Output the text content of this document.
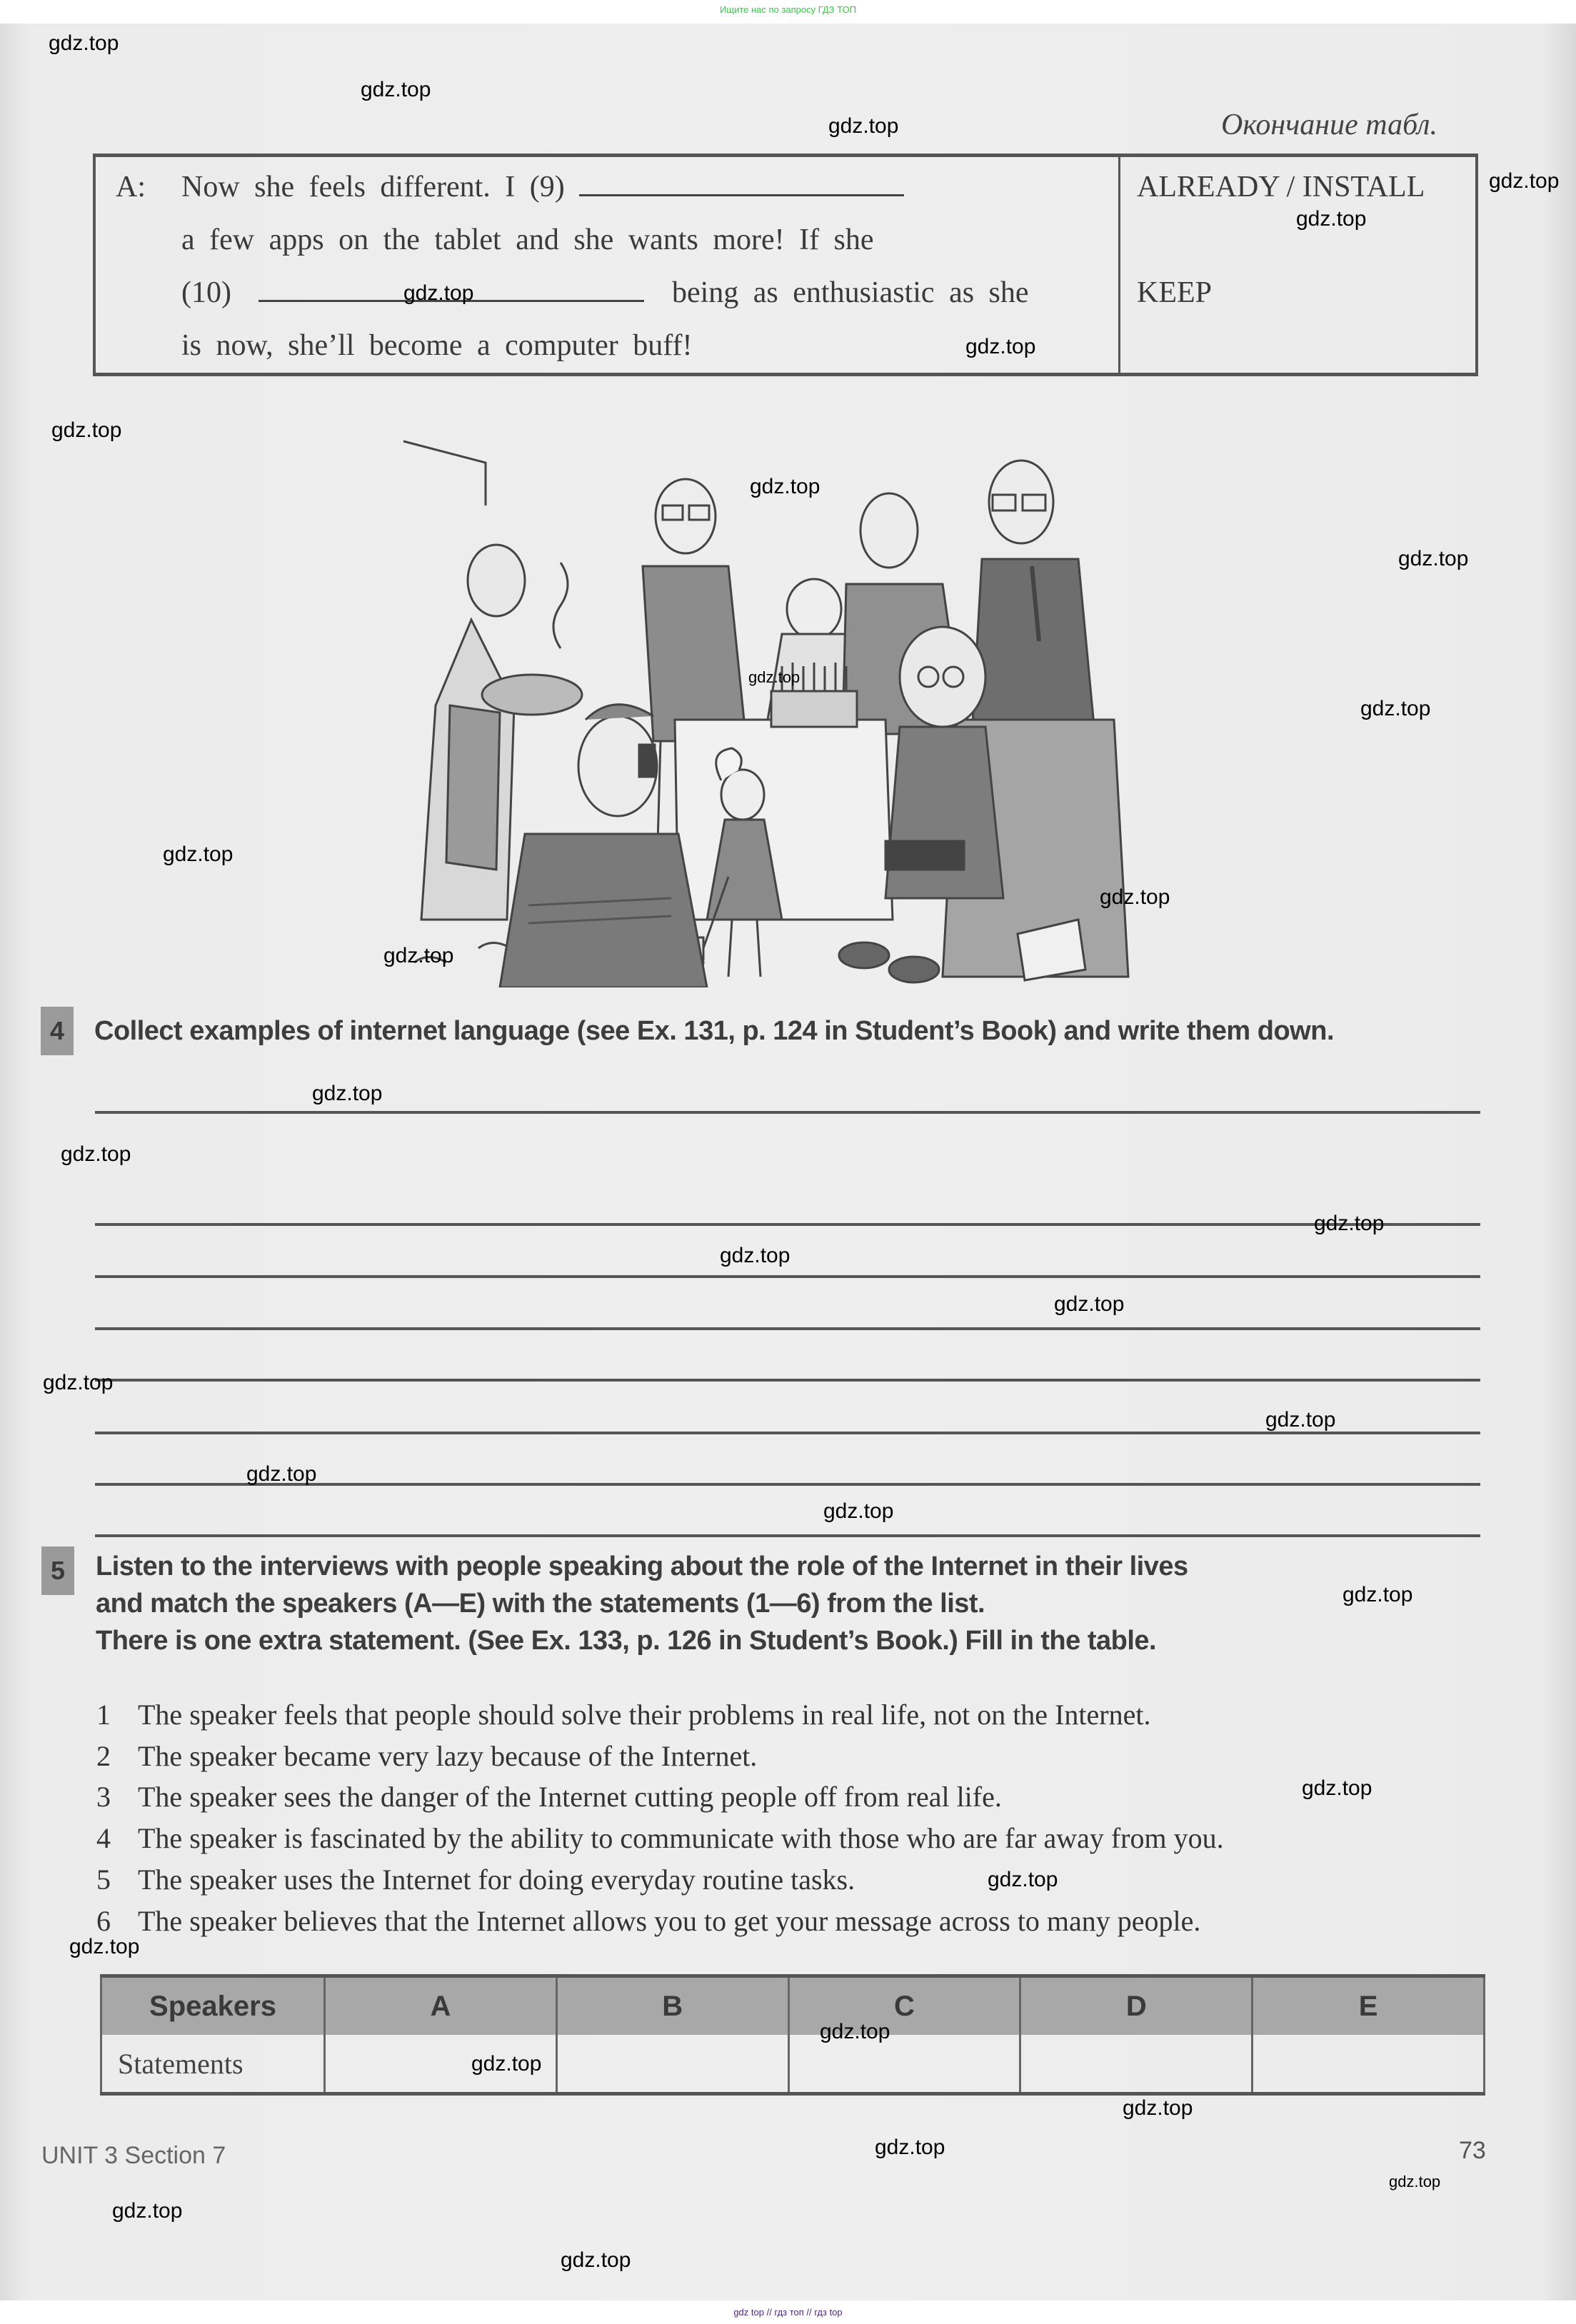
Ищите нас по запросу ГДЗ ТОП
Окончание табл.
A: Now she feels different. I (9)
a few apps on the tablet and she wants more! If she
(10)	being as enthusiastic as she
is now, she’ll become a computer buff!
ALREADY / INSTALL
KEEP
4	Collect examples of internet language (see Ex. 131, p. 124 in Student’s Book) and write them down.
5	Listen to the interviews with people speaking about the role of the Internet in their lives
and match the speakers (A—E) with the statements (1—6) from the list.
There is one extra statement. (See Ex. 133, p. 126 in Student’s Book.) Fill in the table.
1 The speaker feels that people should solve their problems in real life, not on the Internet.
2 The speaker became very lazy because of the Internet.
3 The speaker sees the danger of the Internet cutting people off from real life.
4 The speaker is fascinated by the ability to communicate with those who are far away from you.
5 The speaker uses the Internet for doing everyday routine tasks.
6 The speaker believes that the Internet allows you to get your message across to many people.
Speakers	A	B	C	D	E
Statements					
UNIT 3 Section 7	73
gdz.top
gdz.top
gdz.top
gdz.top
gdz.top
gdz.top
gdz.top
gdz.top
gdz.top
gdz.top
gdz.top
gdz.top
gdz.top
gdz.top
gdz.top
gdz.top
gdz.top
gdz.top
gdz.top
gdz.top
gdz.top
gdz.top
gdz.top
gdz.top
gdz.top
gdz.top
gdz.top
gdz.top
gdz.top
gdz.top
gdz.top
gdz.top
gdz.top
gdz.top
gdz.top
gdz top // гдз топ // гдз top
